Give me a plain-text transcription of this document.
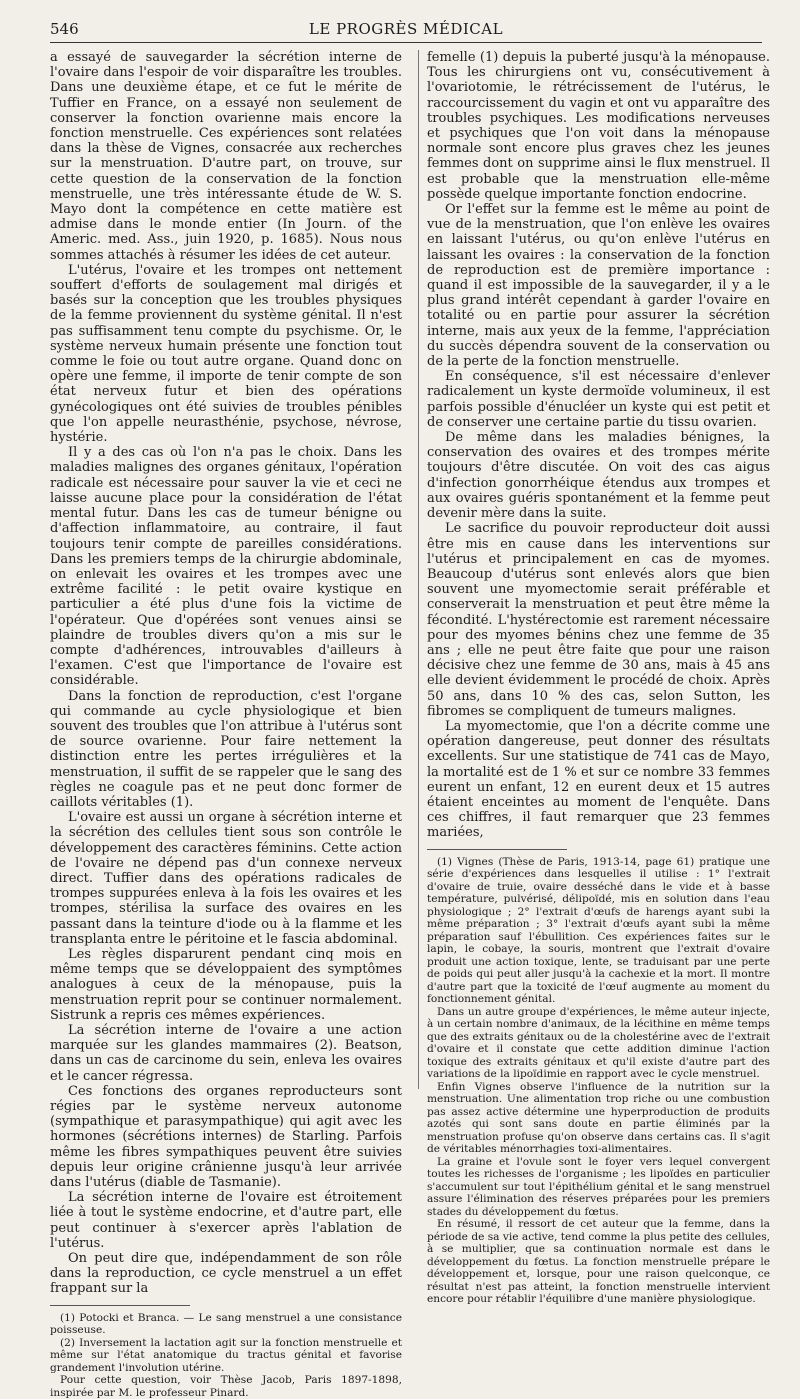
546	LE PROGRÈS MÉDICAL

a essayé de sauvegarder la sécrétion interne de l'ovaire dans l'espoir de voir disparaître les troubles. Dans une deuxième étape, et ce fut le mérite de Tuffier en France, on a essayé non seulement de conserver la fonction ovarienne mais encore la fonction menstruelle. Ces expériences sont relatées dans la thèse de Vignes, consacrée aux recherches sur la menstruation. D'autre part, on trouve, sur cette question de la conservation de la fonction menstruelle, une très intéressante étude de W. S. Mayo dont la compétence en cette matière est admise dans le monde entier (In Journ. of the Americ. med. Ass., juin 1920, p. 1685). Nous nous sommes attachés à résumer les idées de cet auteur.

L'utérus, l'ovaire et les trompes ont nettement souffert d'efforts de soulagement mal dirigés et basés sur la conception que les troubles physiques de la femme proviennent du système génital. Il n'est pas suffisamment tenu compte du psychisme. Or, le système nerveux humain présente une fonction tout comme le foie ou tout autre organe. Quand donc on opère une femme, il importe de tenir compte de son état nerveux futur et bien des opérations gynécologiques ont été suivies de troubles pénibles que l'on appelle neurasthénie, psychose, névrose, hystérie.

Il y a des cas où l'on n'a pas le choix. Dans les maladies malignes des organes génitaux, l'opération radicale est nécessaire pour sauver la vie et ceci ne laisse aucune place pour la considération de l'état mental futur. Dans les cas de tumeur bénigne ou d'affection inflammatoire, au contraire, il faut toujours tenir compte de pareilles considérations. Dans les premiers temps de la chirurgie abdominale, on enlevait les ovaires et les trompes avec une extrême facilité : le petit ovaire kystique en particulier a été plus d'une fois la victime de l'opérateur. Que d'opérées sont venues ainsi se plaindre de troubles divers qu'on a mis sur le compte d'adhérences, introuvables d'ailleurs à l'examen. C'est que l'importance de l'ovaire est considérable.

Dans la fonction de reproduction, c'est l'organe qui commande au cycle physiologique et bien souvent des troubles que l'on attribue à l'utérus sont de source ovarienne. Pour faire nettement la distinction entre les pertes irrégulières et la menstruation, il suffit de se rappeler que le sang des règles ne coagule pas et ne peut donc former de caillots véritables (1).

L'ovaire est aussi un organe à sécrétion interne et la sécrétion des cellules tient sous son contrôle le développement des caractères féminins. Cette action de l'ovaire ne dépend pas d'un connexe nerveux direct. Tuffier dans des opérations radicales de trompes suppurées enleva à la fois les ovaires et les trompes, stérilisa la surface des ovaires en les passant dans la teinture d'iode ou à la flamme et les transplanta entre le péritoine et le fascia abdominal.

Les règles disparurent pendant cinq mois en même temps que se développaient des symptômes analogues à ceux de la ménopause, puis la menstruation reprit pour se continuer normalement. Sistrunk a repris ces mêmes expériences.

La sécrétion interne de l'ovaire a une action marquée sur les glandes mammaires (2). Beatson, dans un cas de carcinome du sein, enleva les ovaires et le cancer régressa.

Ces fonctions des organes reproducteurs sont régies par le système nerveux autonome (sympathique et parasympathique) qui agit avec les hormones (sécrétions internes) de Starling. Parfois même les fibres sympathiques peuvent être suivies depuis leur origine crânienne jusqu'à leur arrivée dans l'utérus (diable de Tasmanie).

La sécrétion interne de l'ovaire est étroitement liée à tout le système endocrine, et d'autre part, elle peut continuer à s'exercer après l'ablation de l'utérus.

On peut dire que, indépendamment de son rôle dans la reproduction, ce cycle menstruel a un effet frappant sur la

(1) Potocki et Branca. — Le sang menstruel a une consistance poisseuse.

(2) Inversement la lactation agit sur la fonction menstruelle et même sur l'état anatomique du tractus génital et favorise grandement l'involution utérine.

Pour cette question, voir Thèse Jacob, Paris 1897-1898, inspirée par M. le professeur Pinard.

femelle (1) depuis la puberté jusqu'à la ménopause. Tous les chirurgiens ont vu, consécutivement à l'ovariotomie, le rétrécissement de l'utérus, le raccourcissement du vagin et ont vu apparaître des troubles psychiques. Les modifications nerveuses et psychiques que l'on voit dans la ménopause normale sont encore plus graves chez les jeunes femmes dont on supprime ainsi le flux menstruel. Il est probable que la menstruation elle-même possède quelque importante fonction endocrine.

Or l'effet sur la femme est le même au point de vue de la menstruation, que l'on enlève les ovaires en laissant l'utérus, ou qu'on enlève l'utérus en laissant les ovaires : la conservation de la fonction de reproduction est de première importance : quand il est impossible de la sauvegarder, il y a le plus grand intérêt cependant à garder l'ovaire en totalité ou en partie pour assurer la sécrétion interne, mais aux yeux de la femme, l'appréciation du succès dépendra souvent de la conservation ou de la perte de la fonction menstruelle.

En conséquence, s'il est nécessaire d'enlever radicalement un kyste dermoïde volumineux, il est parfois possible d'énucléer un kyste qui est petit et de conserver une certaine partie du tissu ovarien.

De même dans les maladies bénignes, la conservation des ovaires et des trompes mérite toujours d'être discutée. On voit des cas aigus d'infection gonorrhéique étendus aux trompes et aux ovaires guéris spontanément et la femme peut devenir mère dans la suite.

Le sacrifice du pouvoir reproducteur doit aussi être mis en cause dans les interventions sur l'utérus et principalement en cas de myomes. Beaucoup d'utérus sont enlevés alors que bien souvent une myomectomie serait préférable et conserverait la menstruation et peut être même la fécondité. L'hystérectomie est rarement nécessaire pour des myomes bénins chez une femme de 35 ans ; elle ne peut être faite que pour une raison décisive chez une femme de 30 ans, mais à 45 ans elle devient évidemment le procédé de choix. Après 50 ans, dans 10 % des cas, selon Sutton, les fibromes se compliquent de tumeurs malignes.

La myomectomie, que l'on a décrite comme une opération dangereuse, peut donner des résultats excellents. Sur une statistique de 741 cas de Mayo, la mortalité est de 1 % et sur ce nombre 33 femmes eurent un enfant, 12 en eurent deux et 15 autres étaient enceintes au moment de l'enquête. Dans ces chiffres, il faut remarquer que 23 femmes mariées,

(1) Vignes (Thèse de Paris, 1913-14, page 61) pratique une série d'expériences dans lesquelles il utilise : 1° l'extrait d'ovaire de truie, ovaire desséché dans le vide et à basse température, pulvérisé, délipoïdé, mis en solution dans l'eau physiologique ; 2° l'extrait d'œufs de harengs ayant subi la même préparation ; 3° l'extrait d'œufs ayant subi la même préparation sauf l'ébullition. Ces expériences faites sur le lapin, le cobaye, la souris, montrent que l'extrait d'ovaire produit une action toxique, lente, se traduisant par une perte de poids qui peut aller jusqu'à la cachexie et la mort. Il montre d'autre part que la toxicité de l'œuf augmente au moment du fonctionnement génital.

Dans un autre groupe d'expériences, le même auteur injecte, à un certain nombre d'animaux, de la lécithine en même temps que des extraits génitaux ou de la cholestérine avec de l'extrait d'ovaire et il constate que cette addition diminue l'action toxique des extraits génitaux et qu'il existe d'autre part des variations de la lipoïdimie en rapport avec le cycle menstruel.

Enfin Vignes observe l'influence de la nutrition sur la menstruation. Une alimentation trop riche ou une combustion pas assez active détermine une hyperproduction de produits azotés qui sont sans doute en partie éliminés par la menstruation profuse qu'on observe dans certains cas. Il s'agit de véritables ménorrhagies toxi-alimentaires.

La graine et l'ovule sont le foyer vers lequel convergent toutes les richesses de l'organisme ; les lipoïdes en particulier s'accumulent sur tout l'épithélium génital et le sang menstruel assure l'élimination des réserves préparées pour les premiers stades du développement du fœtus.

En résumé, il ressort de cet auteur que la femme, dans la période de sa vie active, tend comme la plus petite des cellules, à se multiplier, que sa continuation normale est dans le développement du fœtus. La fonction menstruelle prépare le développement et, lorsque, pour une raison quelconque, ce résultat n'est pas atteint, la fonction menstruelle intervient encore pour rétablir l'équilibre d'une manière physiologique.
